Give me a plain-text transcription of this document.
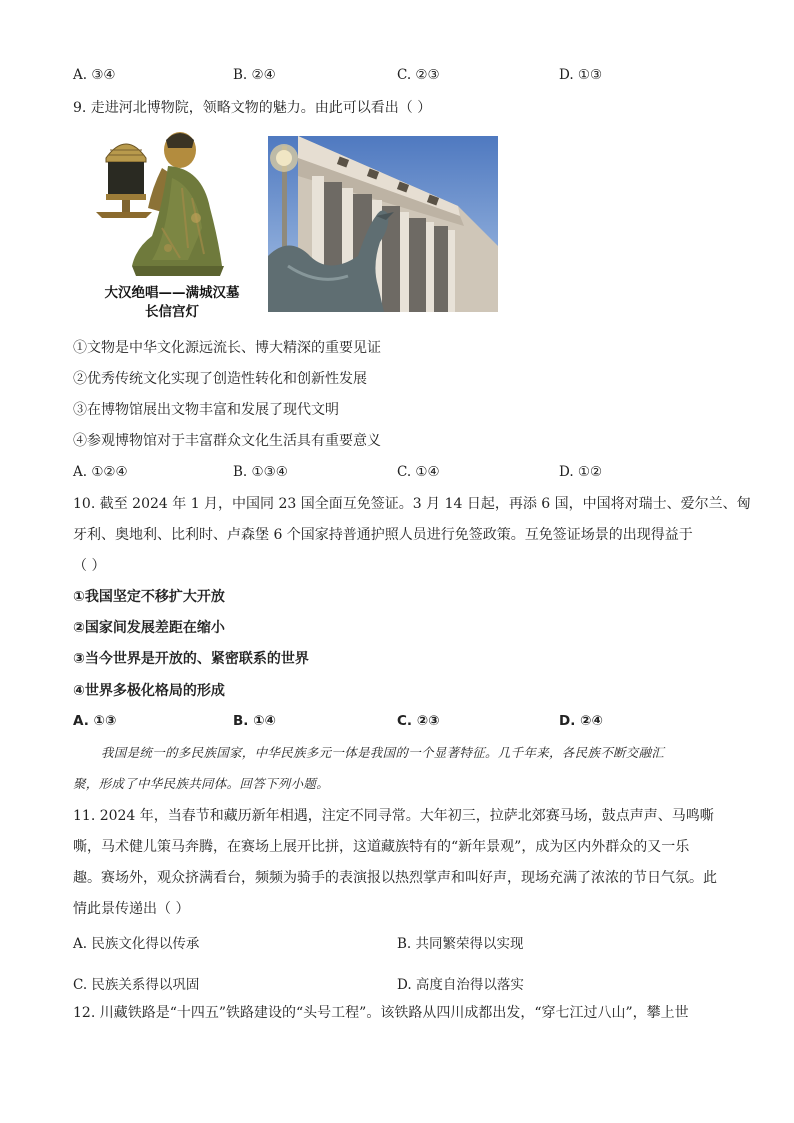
A. ③④	B. ②④	C. ②③	D. ①③
9. 走进河北博物院，领略文物的魅力。由此可以看出（ ）
大汉绝唱——满城汉墓
长信宫灯
①文物是中华文化源远流长、博大精深的重要见证
②优秀传统文化实现了创造性转化和创新性发展
③在博物馆展出文物丰富和发展了现代文明
④参观博物馆对于丰富群众文化生活具有重要意义
A. ①②④	B. ①③④	C. ①④	D. ①②
10. 截至 2024 年 1 月，中国同 23 国全面互免签证。3 月 14 日起，再添 6 国，中国将对瑞士、爱尔兰、匈
牙利、奥地利、比利时、卢森堡 6 个国家持普通护照人员进行免签政策。互免签证场景的出现得益于
（ ）
①我国坚定不移扩大开放
②国家间发展差距在缩小
③当今世界是开放的、紧密联系的世界
④世界多极化格局的形成
A. ①③	B. ①④	C. ②③	D. ②④
我国是统一的多民族国家，中华民族多元一体是我国的一个显著特征。几千年来，各民族不断交融汇
聚，形成了中华民族共同体。回答下列小题。
11. 2024 年，当春节和藏历新年相遇，注定不同寻常。大年初三，拉萨北郊赛马场，鼓点声声、马鸣嘶
嘶，马术健儿策马奔腾，在赛场上展开比拼，这道藏族特有的“新年景观”，成为区内外群众的又一乐
趣。赛场外，观众挤满看台，频频为骑手的表演报以热烈掌声和叫好声，现场充满了浓浓的节日气氛。此
情此景传递出（ ）
A. 民族文化得以传承	B. 共同繁荣得以实现
C. 民族关系得以巩固	D. 高度自治得以落实
12. 川藏铁路是“十四五”铁路建设的“头号工程”。该铁路从四川成都出发，“穿七江过八山”，攀上世
